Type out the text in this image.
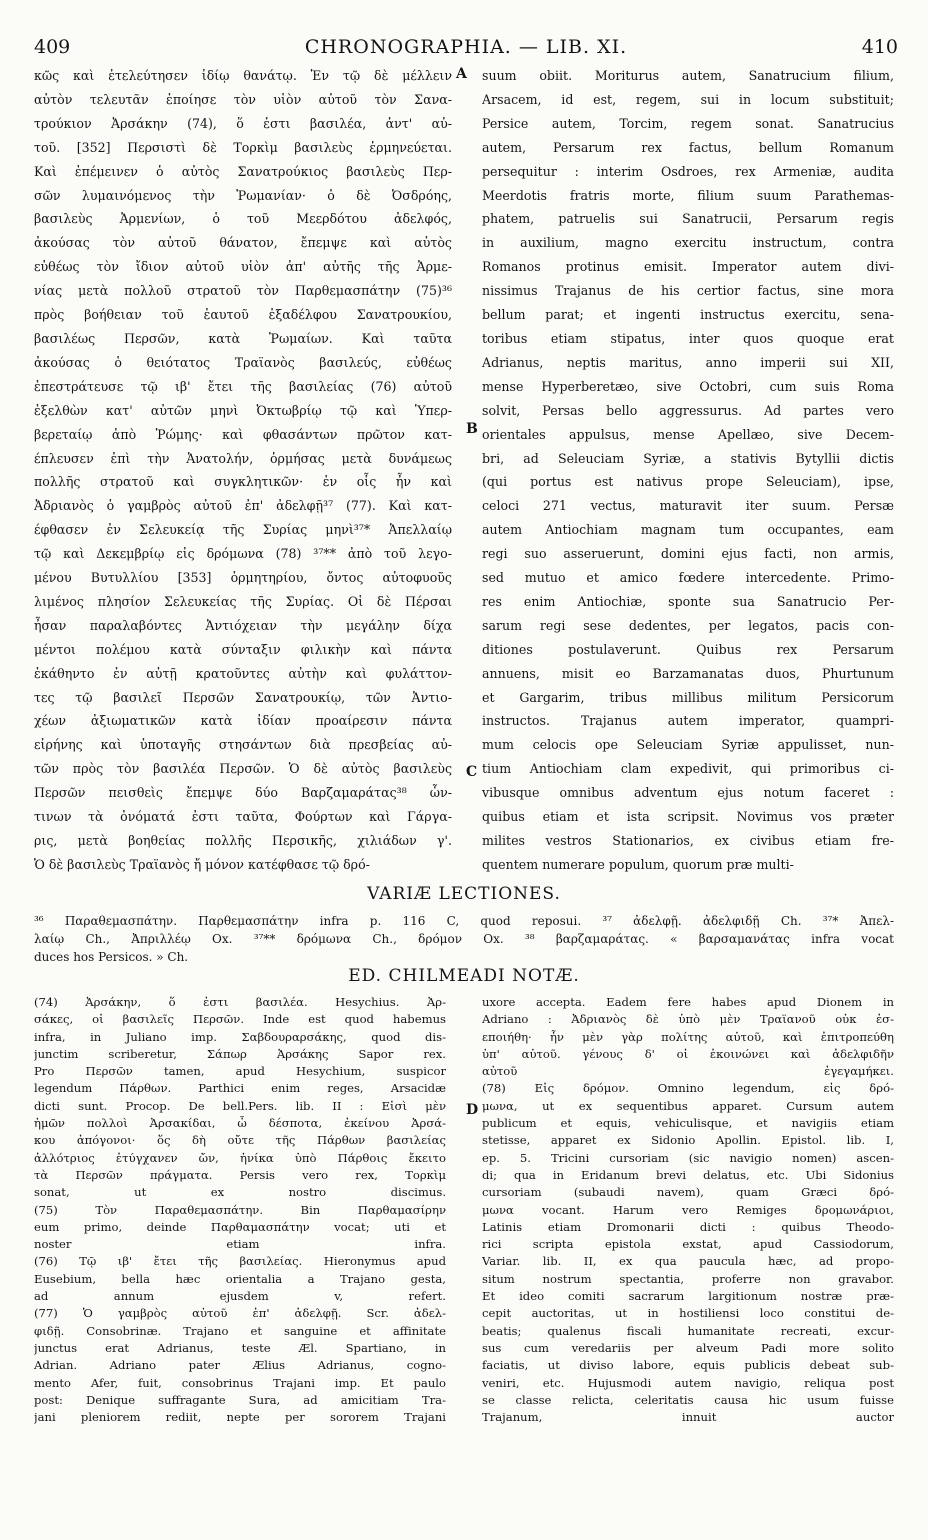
409	CHRONOGRAPHIA. — LIB. XI.	410
κῶς καὶ ἐτελεύτησεν ἰδίῳ θανάτῳ. Ἐν τῷ δὲ μέλλειν
αὐτὸν τελευτᾶν ἐποίησε τὸν υἱὸν αὐτοῦ τὸν Σανα-
τρούκιον Ἀρσάκην (74), ὅ ἐστι βασιλέα, ἀντ' αὐ-
τοῦ. [352] Περσιστὶ δὲ Τορκὶμ βασιλεὺς ἑρμηνεύεται.
Καὶ ἐπέμεινεν ὁ αὐτὸς Σανατρούκιος βασιλεὺς Περ-
σῶν λυμαινόμενος τὴν Ῥωμανίαν· ὁ δὲ Ὀσδρόης,
βασιλεὺς Ἀρμενίων, ὁ τοῦ Μεερδότου ἀδελφός,
ἀκούσας τὸν αὐτοῦ θάνατον, ἔπεμψε καὶ αὐτὸς
εὐθέως τὸν ἴδιον αὐτοῦ υἱὸν ἀπ' αὐτῆς τῆς Ἀρμε-
νίας μετὰ πολλοῦ στρατοῦ τὸν Παρθεμασπάτην (75)³⁶
πρὸς βοήθειαν τοῦ ἑαυτοῦ ἐξαδέλφου Σανατρουκίου,
βασιλέως Περσῶν, κατὰ Ῥωμαίων. Καὶ ταῦτα
ἀκούσας ὁ θειότατος Τραϊανὸς βασιλεύς, εὐθέως
ἐπεστράτευσε τῷ ιβ' ἔτει τῆς βασιλείας (76) αὐτοῦ
ἐξελθὼν κατ' αὐτῶν μηνὶ Ὀκτωβρίῳ τῷ καὶ Ὑπερ-
βερεταίῳ ἀπὸ Ῥώμης· καὶ φθασάντων πρῶτον κατ-
έπλευσεν ἐπὶ τὴν Ἀνατολήν, ὁρμήσας μετὰ δυνάμεως
πολλῆς στρατοῦ καὶ συγκλητικῶν· ἐν οἷς ἦν καὶ
Ἀδριανὸς ὁ γαμβρὸς αὐτοῦ ἐπ' ἀδελφῇ³⁷ (77). Καὶ κατ-
έφθασεν ἐν Σελευκείᾳ τῆς Συρίας μηνὶ³⁷* Ἀπελλαίῳ
τῷ καὶ Δεκεμβρίῳ εἰς δρόμωνα (78) ³⁷** ἀπὸ τοῦ λεγο-
μένου Βυτυλλίου [353] ὁρμητηρίου, ὄντος αὐτοφυοῦς
λιμένος πλησίον Σελευκείας τῆς Συρίας. Οἱ δὲ Πέρσαι
ἦσαν παραλαβόντες Ἀντιόχειαν τὴν μεγάλην δίχα
μέντοι πολέμου κατὰ σύνταξιν φιλικὴν καὶ πάντα
ἐκάθηντο ἐν αὐτῇ κρατοῦντες αὐτὴν καὶ φυλάττον-
τες τῷ βασιλεῖ Περσῶν Σανατρουκίῳ, τῶν Ἀντιο-
χέων ἀξιωματικῶν κατὰ ἰδίαν προαίρεσιν πάντα
εἰρήνης καὶ ὑποταγῆς στησάντων διὰ πρεσβείας αὐ-
τῶν πρὸς τὸν βασιλέα Περσῶν. Ὁ δὲ αὐτὸς βασιλεὺς
Περσῶν πεισθεὶς ἔπεμψε δύο Βαρζαμαράτας³⁸ ὧν-
τινων τὰ ὀνόματά ἐστι ταῦτα, Φούρτων καὶ Γάργα-
ρις, μετὰ βοηθείας πολλῆς Περσικῆς, χιλιάδων γ'.
Ὁ δὲ βασιλεὺς Τραϊανὸς ἤ μόνον κατέφθασε τῷ δρό-
suum obiit. Moriturus autem, Sanatrucium filium,
Arsacem, id est, regem, sui in locum substituit;
Persice autem, Torcim, regem sonat. Sanatrucius
autem, Persarum rex factus, bellum Romanum
persequitur : interim Osdroes, rex Armeniæ, audita
Meerdotis fratris morte, filium suum Parathemas-
phatem, patruelis sui Sanatrucii, Persarum regis
in auxilium, magno exercitu instructum, contra
Romanos protinus emisit. Imperator autem divi-
nissimus Trajanus de his certior factus, sine mora
bellum parat; et ingenti instructus exercitu, sena-
toribus etiam stipatus, inter quos quoque erat
Adrianus, neptis maritus, anno imperii sui XII,
mense Hyperberetæo, sive Octobri, cum suis Roma
solvit, Persas bello aggressurus. Ad partes vero
orientales appulsus, mense Apellæo, sive Decem-
bri, ad Seleuciam Syriæ, a stativis Bytyllii dictis
(qui portus est nativus prope Seleuciam), ipse,
celoci 271 vectus, maturavit iter suum. Persæ
autem Antiochiam magnam tum occupantes, eam
regi suo asseruerunt, domini ejus facti, non armis,
sed mutuo et amico fœdere intercedente. Primo-
res enim Antiochiæ, sponte sua Sanatrucio Per-
sarum regi sese dedentes, per legatos, pacis con-
ditiones postulaverunt. Quibus rex Persarum
annuens, misit eo Barzamanatas duos, Phurtunum
et Gargarim, tribus millibus militum Persicorum
instructos. Trajanus autem imperator, quampri-
mum celocis ope Seleuciam Syriæ appulisset, nun-
tium Antiochiam clam expedivit, qui primoribus ci-
vibusque omnibus adventum ejus notum faceret :
quibus etiam et ista scripsit. Novimus vos præter
milites vestros Stationarios, ex civibus etiam fre-
quentem numerare populum, quorum præ multi-
A
B
C
D
VARIÆ LECTIONES.
³⁶ Παραθεμασπάτην. Παρθεμασπάτην infra p. 116 C, quod reposui. ³⁷ ἀδελφῇ. ἀδελφιδῇ Ch. ³⁷* Ἀπελ-
λαίῳ Ch., Ἀπριλλέῳ Ox. ³⁷** δρόμωνα Ch., δρόμον Ox. ³⁸ βαρζαμαράτας. « βαρσαμανάτας infra vocat
duces hos Persicos. » Ch.
ED. CHILMEADI NOTÆ.
(74) Ἀρσάκην, ὅ ἐστι βασιλέα. Hesychius. Ἀρ-
σάκες, οἱ βασιλεῖς Περσῶν. Inde est quod habemus
infra, in Juliano imp. Σαβδουραρσάκης, quod dis-
junctim scriberetur, Σάπωρ Ἀρσάκης Sapor rex.
Pro Περσῶν tamen, apud Hesychium, suspicor
legendum Πάρθων. Parthici enim reges, Arsacidæ
dicti sunt. Procop. De bell.Pers. lib. II : Εἰσὶ μὲν
ἡμῶν πολλοὶ Ἀρσακίδαι, ὦ δέσποτα, ἐκείνου Ἀρσά-
κου ἀπόγονοι· ὅς δὴ οὔτε τῆς Πάρθων βασιλείας
ἀλλότριος ἐτύγχανεν ὤν, ἡνίκα ὑπὸ Πάρθοις ἔκειτο
τὰ Περσῶν πράγματα. Persis vero rex, Τορκὶμ
sonat, ut ex nostro discimus.
(75) Τὸν Παραθεμασπάτην. Bin Παρθαμασίρην
eum primo, deinde Παρθαμασπάτην vocat; uti et
noster etiam infra.
(76) Τῷ ιβ' ἔτει τῆς βασιλείας. Hieronymus apud
Eusebium, bella hæc orientalia a Trajano gesta,
ad annum ejusdem v, refert.
(77) Ὁ γαμβρὸς αὐτοῦ ἐπ' ἀδελφῇ. Scr. ἀδελ-
φιδῇ. Consobrinæ. Trajano et sanguine et affinitate
junctus erat Adrianus, teste Æl. Spartiano, in
Adrian. Adriano pater Ælius Adrianus, cogno-
mento Afer, fuit, consobrinus Trajani imp. Et paulo
post: Denique suffragante Sura, ad amicitiam Tra-
jani pleniorem rediit, nepte per sororem Trajani
uxore accepta. Eadem fere habes apud Dionem in
Adriano : Ἀδριανὸς δὲ ὑπὸ μὲν Τραϊανοῦ οὐκ ἐσ-
εποιήθη· ἦν μὲν γὰρ πολίτης αὐτοῦ, καὶ ἐπιτροπεύθη
ὑπ' αὐτοῦ. γένους δ' οἱ ἐκοινώνει καὶ ἀδελφιδῆν
αὐτοῦ ἐγεγαμήκει.
(78) Εἰς δρόμον. Omnino legendum, εἰς δρό-
μωνα, ut ex sequentibus apparet. Cursum autem
publicum et equis, vehiculisque, et navigiis etiam
stetisse, apparet ex Sidonio Apollin. Epistol. lib. I,
ep. 5. Tricini cursoriam (sic navigio nomen) ascen-
di; qua in Eridanum brevi delatus, etc. Ubi Sidonius
cursoriam (subaudi navem), quam Græci δρό-
μωνα vocant. Harum vero Remiges δρομωνάριοι,
Latinis etiam Dromonarii dicti : quibus Theodo-
rici scripta epistola exstat, apud Cassiodorum,
Variar. lib. II, ex qua paucula hæc, ad propo-
situm nostrum spectantia, proferre non gravabor.
Et ideo comiti sacrarum largitionum nostræ præ-
cepit auctoritas, ut in hostiliensi loco constitui de-
beatis; qualenus fiscali humanitate recreati, excur-
sus cum veredariis per alveum Padi more solito
faciatis, ut diviso labore, equis publicis debeat sub-
veniri, etc. Hujusmodi autem navigio, reliqua post
se classe relicta, celeritatis causa hic usum fuisse
Trajanum, innuit auctor
